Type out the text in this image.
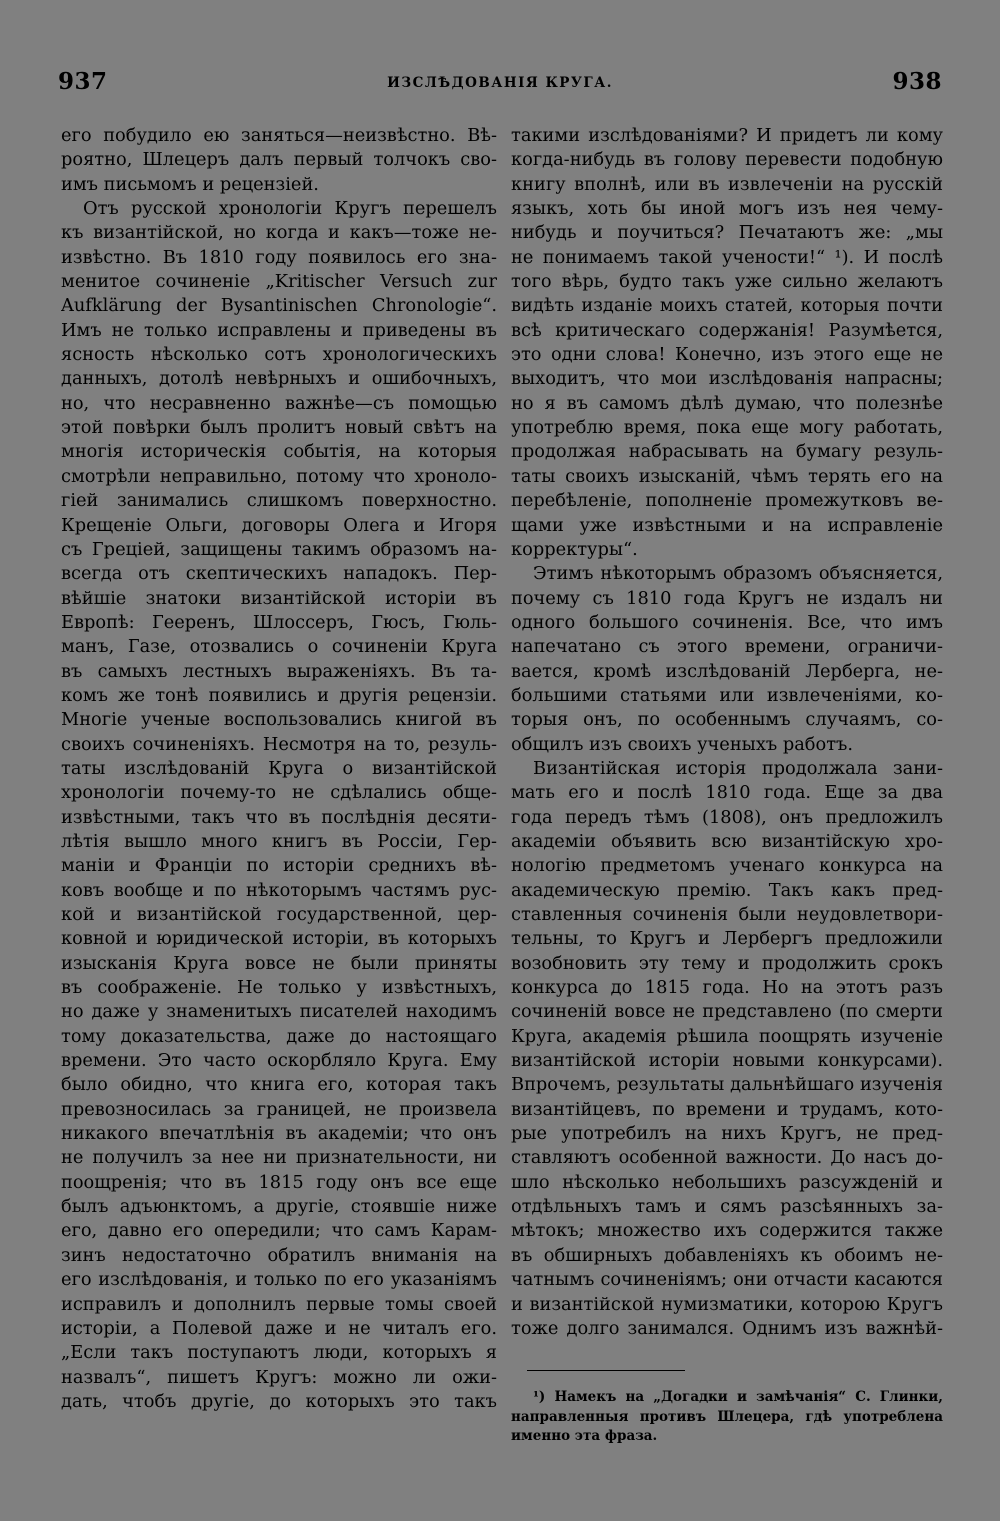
937	ИЗСЛѢДОВАНІЯ КРУГА.	938
его побудило ею заняться—неизвѣстно. Вѣ-
роятно, Шлецеръ далъ первый толчокъ сво-
имъ письмомъ и рецензіей.
Отъ русской хронологіи Кругъ перешелъ
къ византійской, но когда и какъ—тоже не-
извѣстно. Въ 1810 году появилось его зна-
менитое сочиненіе „Kritischer Versuch zur
Aufklärung der Bysantinischen Chronologie“.
Имъ не только исправлены и приведены въ
ясность нѣсколько сотъ хронологическихъ
данныхъ, дотолѣ невѣрныхъ и ошибочныхъ,
но, что несравненно важнѣе—съ помощью
этой повѣрки былъ пролитъ новый свѣтъ на
многія историческія событія, на которыя
смотрѣли неправильно, потому что хроноло-
гіей занимались слишкомъ поверхностно.
Крещеніе Ольги, договоры Олега и Игоря
съ Греціей, защищены такимъ образомъ на-
всегда отъ скептическихъ нападокъ. Пер-
вѣйшіе знатоки византійской исторіи въ
Европѣ: Гееренъ, Шлоссеръ, Гюсъ, Гюль-
манъ, Газе, отозвались о сочиненіи Круга
въ самыхъ лестныхъ выраженіяхъ. Въ та-
комъ же тонѣ появились и другія рецензіи.
Многіе ученые воспользовались книгой въ
своихъ сочиненіяхъ. Несмотря на то, резуль-
таты изслѣдованій Круга о византійской
хронологіи почему-то не сдѣлались обще-
извѣстными, такъ что въ послѣднія десяти-
лѣтія вышло много книгъ въ Россіи, Гер-
маніи и Франціи по исторіи среднихъ вѣ-
ковъ вообще и по нѣкоторымъ частямъ рус-
кой и византійской государственной, цер-
ковной и юридической исторіи, въ которыхъ
изысканія Круга вовсе не были приняты
въ соображеніе. Не только у извѣстныхъ,
но даже у знаменитыхъ писателей находимъ
тому доказательства, даже до настоящаго
времени. Это часто оскорбляло Круга. Ему
было обидно, что книга его, которая такъ
превозносилась за границей, не произвела
никакого впечатлѣнія въ академіи; что онъ
не получилъ за нее ни признательности, ни
поощренія; что въ 1815 году онъ все еще
былъ адъюнктомъ, а другіе, стоявшіе ниже
его, давно его опередили; что самъ Карам-
зинъ недостаточно обратилъ вниманія на
его изслѣдованія, и только по его указаніямъ
исправилъ и дополнилъ первые томы своей
исторіи, а Полевой даже и не читалъ его.
„Если такъ поступаютъ люди, которыхъ я
назвалъ“, пишетъ Кругъ: можно ли ожи-
дать, чтобъ другіе, до которыхъ это такъ
такими изслѣдованіями? И придетъ ли кому
когда-нибудь въ голову перевести подобную
книгу вполнѣ, или въ извлеченіи на русскій
языкъ, хоть бы иной могъ изъ нея чему-
нибудь и поучиться? Печатаютъ же: „мы
не понимаемъ такой учености!“ ¹). И послѣ
того вѣрь, будто такъ уже сильно желаютъ
видѣть изданіе моихъ статей, которыя почти
всѣ критическаго содержанія! Разумѣется,
это одни слова! Конечно, изъ этого еще не
выходитъ, что мои изслѣдованія напрасны;
но я въ самомъ дѣлѣ думаю, что полезнѣе
употреблю время, пока еще могу работать,
продолжая набрасывать на бумагу резуль-
таты своихъ изысканій, чѣмъ терять его на
перебѣленіе, пополненіе промежутковъ ве-
щами уже извѣстными и на исправленіе
корректуры“.
Этимъ нѣкоторымъ образомъ объясняется,
почему съ 1810 года Кругъ не издалъ ни
одного большого сочиненія. Все, что имъ
напечатано съ этого времени, ограничи-
вается, кромѣ изслѣдованій Лерберга, не-
большими статьями или извлеченіями, ко-
торыя онъ, по особеннымъ случаямъ, со-
общилъ изъ своихъ ученыхъ работъ.
Византійская исторія продолжала зани-
мать его и послѣ 1810 года. Еще за два
года передъ тѣмъ (1808), онъ предложилъ
академіи объявить всю византійскую хро-
нологію предметомъ ученаго конкурса на
академическую премію. Такъ какъ пред-
ставленныя сочиненія были неудовлетвори-
тельны, то Кругъ и Лербергъ предложили
возобновить эту тему и продолжить срокъ
конкурса до 1815 года. Но на этотъ разъ
сочиненій вовсе не представлено (по смерти
Круга, академія рѣшила поощрять изученіе
византійской исторіи новыми конкурсами).
Впрочемъ, результаты дальнѣйшаго изученія
византійцевъ, по времени и трудамъ, кото-
рые употребилъ на нихъ Кругъ, не пред-
ставляютъ особенной важности. До насъ до-
шло нѣсколько небольшихъ разсужденій и
отдѣльныхъ тамъ и сямъ разсѣянныхъ за-
мѣтокъ; множество ихъ содержится также
въ обширныхъ добавленіяхъ къ обоимъ не-
чатнымъ сочиненіямъ; они отчасти касаются
и византійской нумизматики, которою Кругъ
тоже долго занимался. Однимъ изъ важнѣй-
¹) Намекъ на „Догадки и замѣчанія“ С. Глинки,
направленныя противъ Шлецера, гдѣ употреблена
именно эта фраза.
